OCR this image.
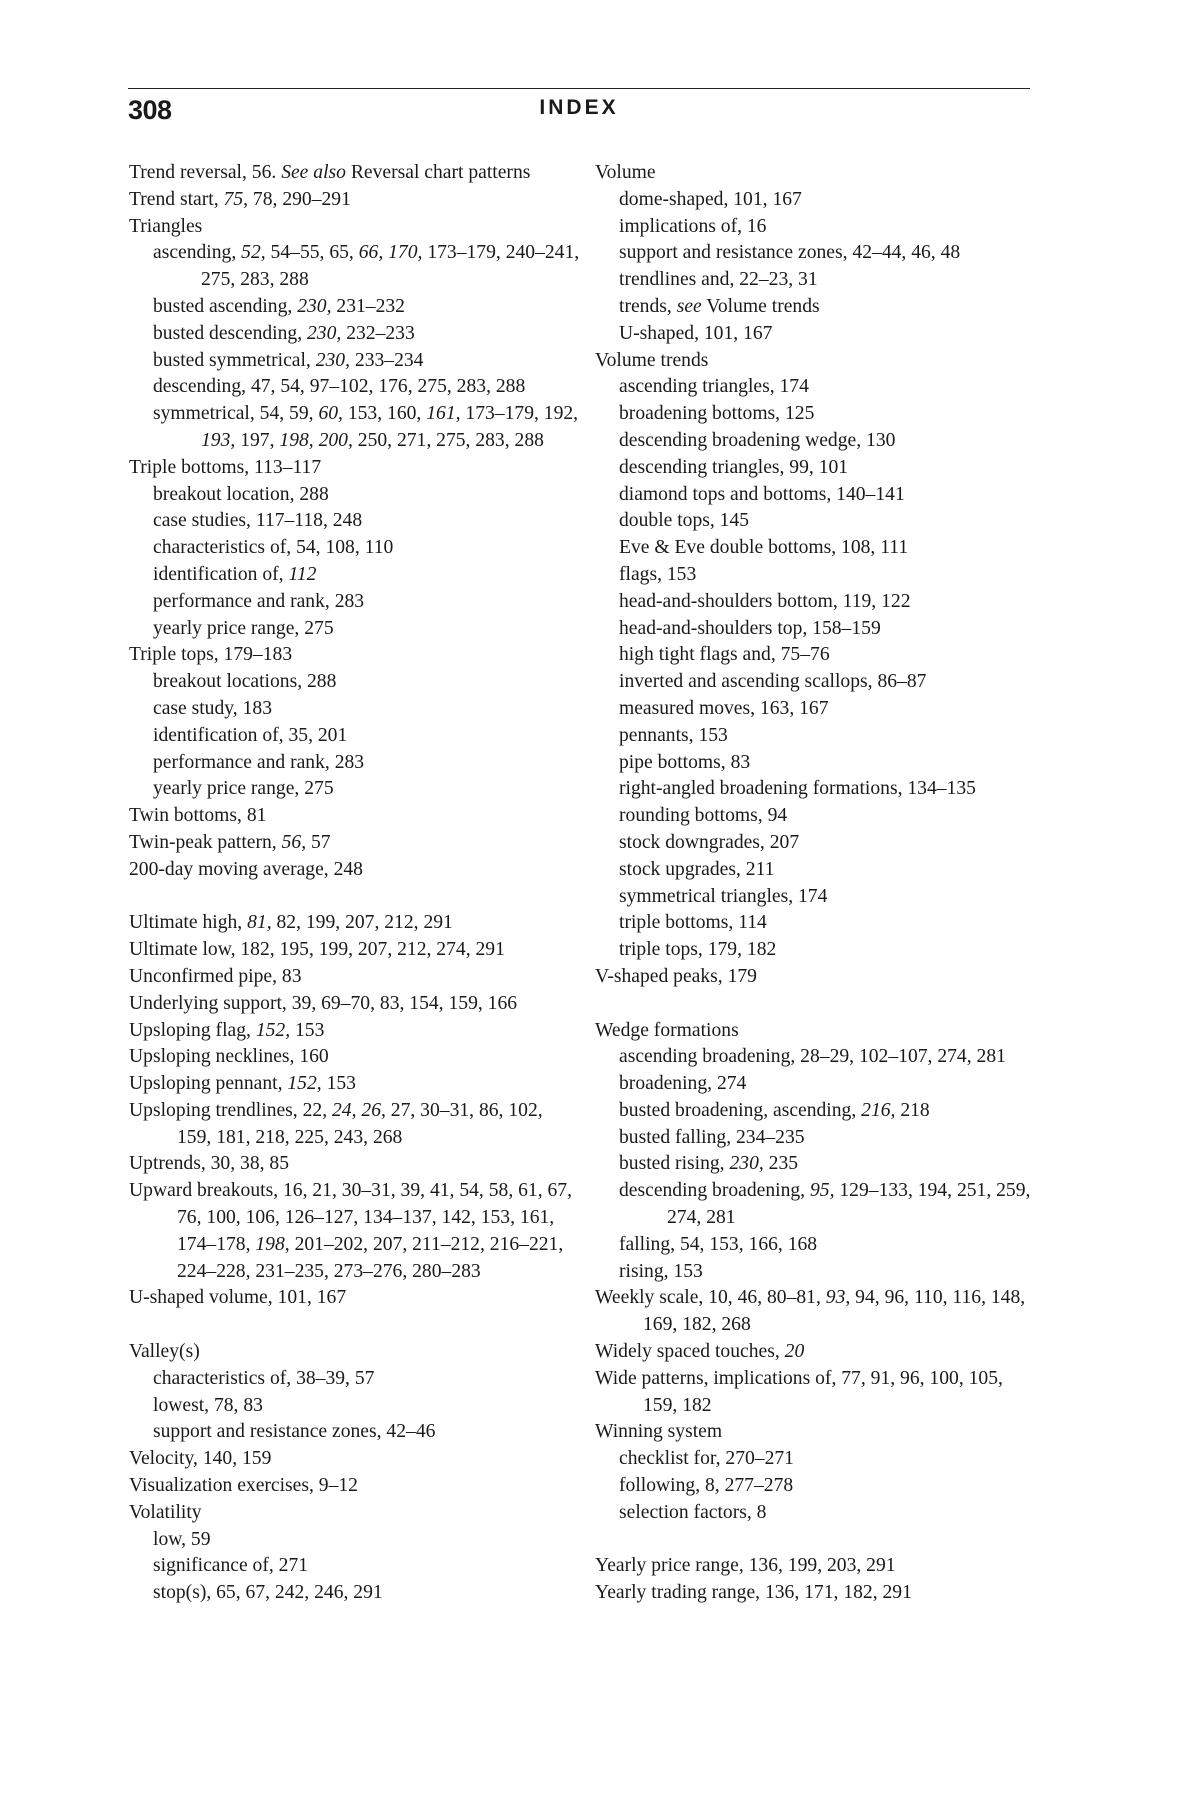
308	INDEX

Trend reversal, 56. See also Reversal chart patterns

Trend start, 75, 78, 290–291

Triangles

ascending, 52, 54–55, 65, 66, 170, 173–179, 240–241, 275, 283, 288

busted ascending, 230, 231–232

busted descending, 230, 232–233

busted symmetrical, 230, 233–234

descending, 47, 54, 97–102, 176, 275, 283, 288

symmetrical, 54, 59, 60, 153, 160, 161, 173–179, 192, 193, 197, 198, 200, 250, 271, 275, 283, 288

Triple bottoms, 113–117

breakout location, 288

case studies, 117–118, 248

characteristics of, 54, 108, 110

identification of, 112

performance and rank, 283

yearly price range, 275

Triple tops, 179–183

breakout locations, 288

case study, 183

identification of, 35, 201

performance and rank, 283

yearly price range, 275

Twin bottoms, 81

Twin-peak pattern, 56, 57

200-day moving average, 248

Ultimate high, 81, 82, 199, 207, 212, 291

Ultimate low, 182, 195, 199, 207, 212, 274, 291

Unconfirmed pipe, 83

Underlying support, 39, 69–70, 83, 154, 159, 166

Upsloping flag, 152, 153

Upsloping necklines, 160

Upsloping pennant, 152, 153

Upsloping trendlines, 22, 24, 26, 27, 30–31, 86, 102, 159, 181, 218, 225, 243, 268

Uptrends, 30, 38, 85

Upward breakouts, 16, 21, 30–31, 39, 41, 54, 58, 61, 67, 76, 100, 106, 126–127, 134–137, 142, 153, 161, 174–178, 198, 201–202, 207, 211–212, 216–221, 224–228, 231–235, 273–276, 280–283

U-shaped volume, 101, 167

Valley(s)

characteristics of, 38–39, 57

lowest, 78, 83

support and resistance zones, 42–46

Velocity, 140, 159

Visualization exercises, 9–12

Volatility

low, 59

significance of, 271

stop(s), 65, 67, 242, 246, 291

Volume

dome-shaped, 101, 167

implications of, 16

support and resistance zones, 42–44, 46, 48

trendlines and, 22–23, 31

trends, see Volume trends

U-shaped, 101, 167

Volume trends

ascending triangles, 174

broadening bottoms, 125

descending broadening wedge, 130

descending triangles, 99, 101

diamond tops and bottoms, 140–141

double tops, 145

Eve & Eve double bottoms, 108, 111

flags, 153

head-and-shoulders bottom, 119, 122

head-and-shoulders top, 158–159

high tight flags and, 75–76

inverted and ascending scallops, 86–87

measured moves, 163, 167

pennants, 153

pipe bottoms, 83

right-angled broadening formations, 134–135

rounding bottoms, 94

stock downgrades, 207

stock upgrades, 211

symmetrical triangles, 174

triple bottoms, 114

triple tops, 179, 182

V-shaped peaks, 179

Wedge formations

ascending broadening, 28–29, 102–107, 274, 281

broadening, 274

busted broadening, ascending, 216, 218

busted falling, 234–235

busted rising, 230, 235

descending broadening, 95, 129–133, 194, 251, 259, 274, 281

falling, 54, 153, 166, 168

rising, 153

Weekly scale, 10, 46, 80–81, 93, 94, 96, 110, 116, 148, 169, 182, 268

Widely spaced touches, 20

Wide patterns, implications of, 77, 91, 96, 100, 105, 159, 182

Winning system

checklist for, 270–271

following, 8, 277–278

selection factors, 8

Yearly price range, 136, 199, 203, 291

Yearly trading range, 136, 171, 182, 291
